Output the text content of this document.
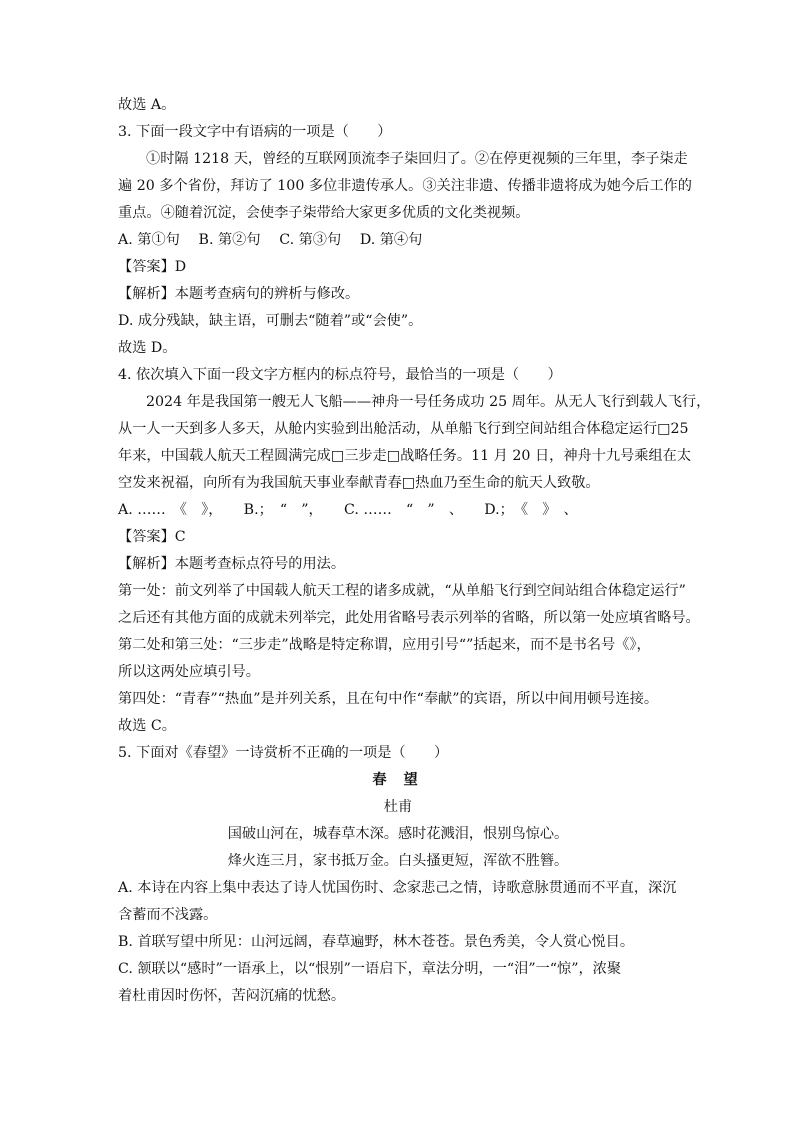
故选 A。
3. 下面一段文字中有语病的一项是（　　）
①时隔 1218 天，曾经的互联网顶流李子柒回归了。②在停更视频的三年里，李子柒走
遍 20 多个省份，拜访了 100 多位非遗传承人。③关注非遗、传播非遗将成为她今后工作的
重点。④随着沉淀，会使李子柒带给大家更多优质的文化类视频。
A. 第①句　 B. 第②句　 C. 第③句　 D. 第④句
【答案】D
【解析】本题考查病句的辨析与修改。
D. 成分残缺，缺主语，可删去“随着”或“会使”。
故选 D。
4. 依次填入下面一段文字方框内的标点符号，最恰当的一项是（　　）
2024 年是我国第一艘无人飞船——神舟一号任务成功 25 周年。从无人飞行到载人飞行，
从一人一天到多人多天，从舱内实验到出舱活动，从单船飞行到空间站组合体稳定运行□25
年来，中国载人航天工程圆满完成□三步走□战略任务。11 月 20 日，神舟十九号乘组在太
空发来祝福，向所有为我国航天事业奉献青春□热血乃至生命的航天人致敬。
A. ……　《　》，　　B.；　“　”，　　C. ……　“　”　、　　D.；　《　》　、
【答案】C
【解析】本题考查标点符号的用法。
第一处：前文列举了中国载人航天工程的诸多成就，“从单船飞行到空间站组合体稳定运行”
之后还有其他方面的成就未列举完，此处用省略号表示列举的省略，所以第一处应填省略号。
第二处和第三处：“三步走”战略是特定称谓，应用引号“”括起来，而不是书名号《》，
所以这两处应填引号。
第四处：“青春”“热血”是并列关系，且在句中作“奉献”的宾语，所以中间用顿号连接。
故选 C。
5. 下面对《春望》一诗赏析不正确的一项是（　　）
春 望
杜甫
国破山河在，城春草木深。感时花溅泪，恨别鸟惊心。
烽火连三月，家书抵万金。白头搔更短，浑欲不胜簪。
A. 本诗在内容上集中表达了诗人忧国伤时、念家悲己之情，诗歌意脉贯通而不平直，深沉
含蓄而不浅露。
B. 首联写望中所见：山河远阔，春草遍野，林木苍苍。景色秀美，令人赏心悦目。
C. 颔联以“感时”一语承上，以“恨别”一语启下，章法分明，一“泪”一“惊”，浓聚
着杜甫因时伤怀，苦闷沉痛的忧愁。
